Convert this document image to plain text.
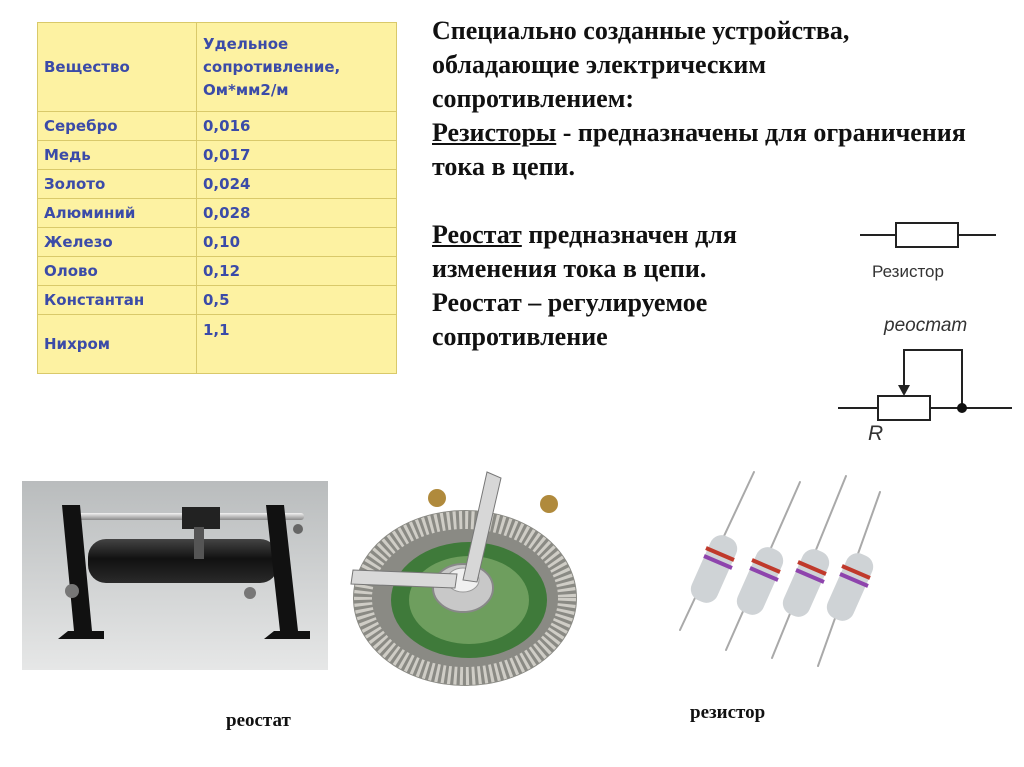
Вещество	Удельное сопротивление, Ом*мм2/м
Серебро	0,016
Медь	0,017
Золото	0,024
Алюминий	0,028
Железо	0,10
Олово	0,12
Константан	0,5
Нихром	1,1

Специально созданные устройства, обладающие электрическим сопротивлением:

Резисторы - предназначены для ограничения тока в цепи.

Реостат предназначен для изменения тока в цепи.

Реостат – регулируемое сопротивление

Резистор
реостат
R
реостат	резистор
